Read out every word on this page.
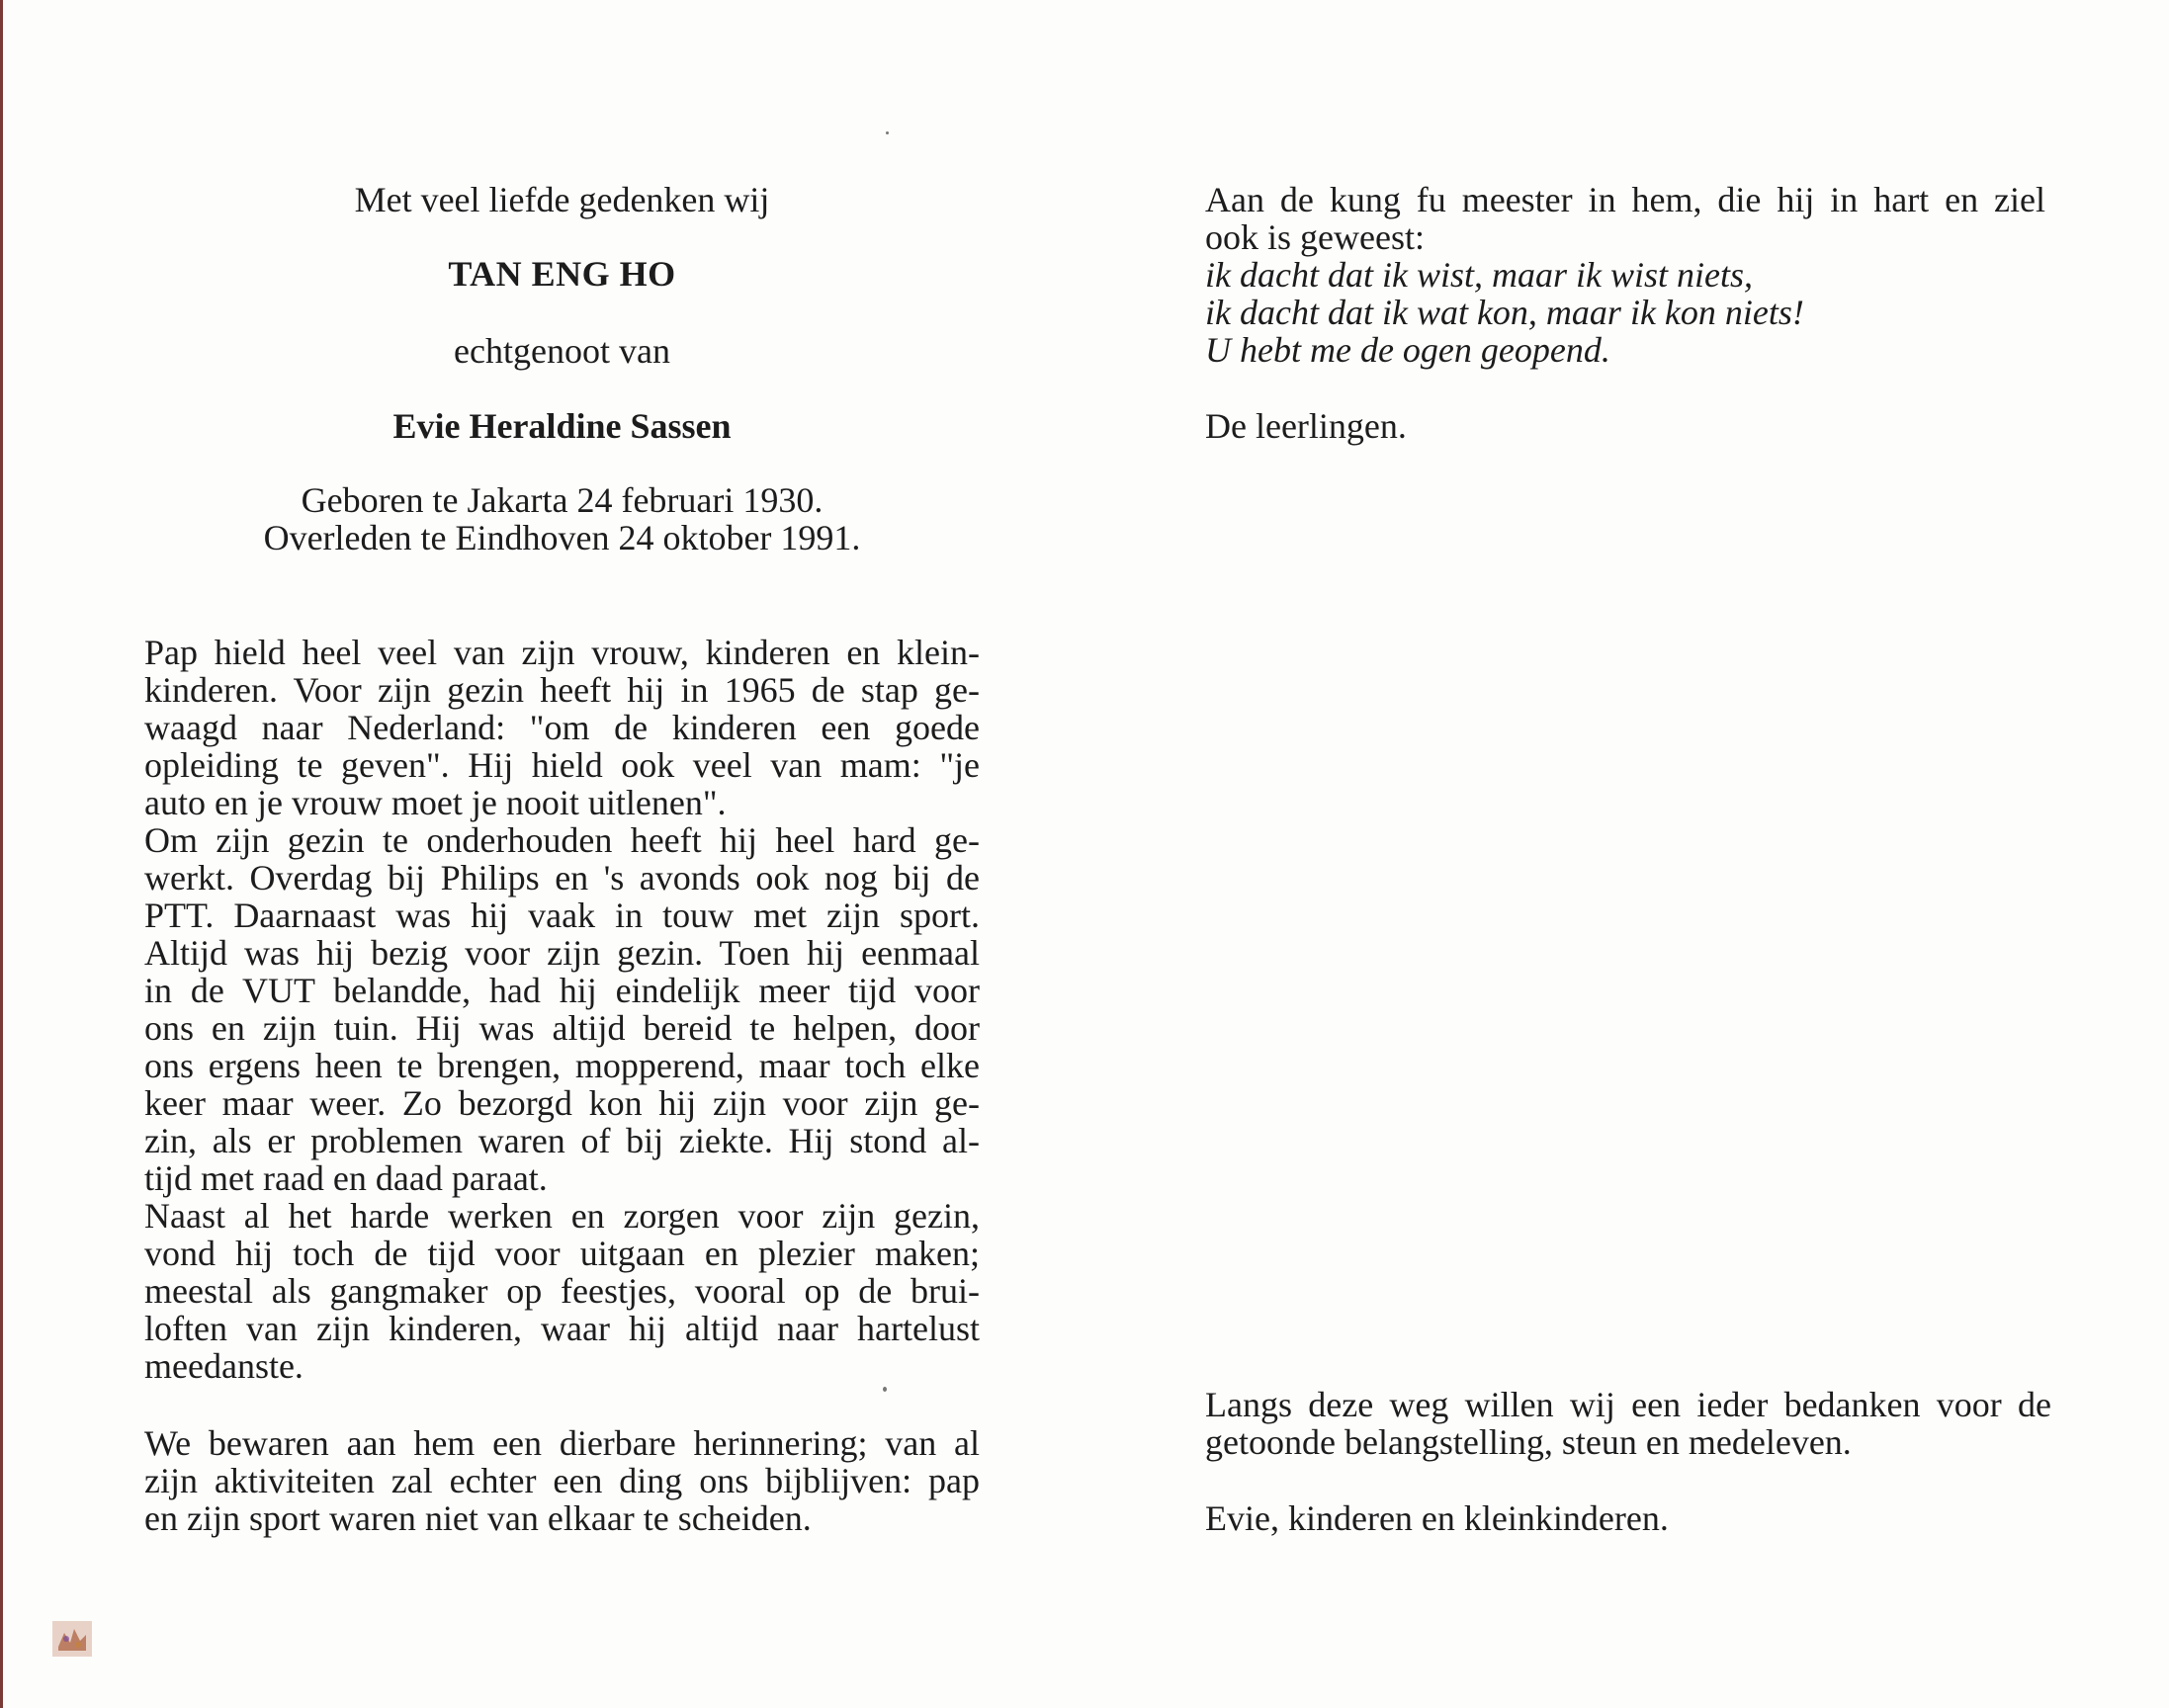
Met veel liefde gedenken wij
TAN ENG HO
echtgenoot van
Evie Heraldine Sassen
Geboren te Jakarta 24 februari 1930.
Overleden te Eindhoven 24 oktober 1991.
Pap hield heel veel van zijn vrouw, kinderen en klein-
kinderen. Voor zijn gezin heeft hij in 1965 de stap ge-
waagd naar Nederland: "om de kinderen een goede
opleiding te geven". Hij hield ook veel van mam: "je
auto en je vrouw moet je nooit uitlenen".
Om zijn gezin te onderhouden heeft hij heel hard ge-
werkt. Overdag bij Philips en 's avonds ook nog bij de
PTT. Daarnaast was hij vaak in touw met zijn sport.
Altijd was hij bezig voor zijn gezin. Toen hij eenmaal
in de VUT belandde, had hij eindelijk meer tijd voor
ons en zijn tuin. Hij was altijd bereid te helpen, door
ons ergens heen te brengen, mopperend, maar toch elke
keer maar weer. Zo bezorgd kon hij zijn voor zijn ge-
zin, als er problemen waren of bij ziekte. Hij stond al-
tijd met raad en daad paraat.
Naast al het harde werken en zorgen voor zijn gezin,
vond hij toch de tijd voor uitgaan en plezier maken;
meestal als gangmaker op feestjes, vooral op de brui-
loften van zijn kinderen, waar hij altijd naar hartelust
meedanste.
We bewaren aan hem een dierbare herinnering; van al
zijn aktiviteiten zal echter een ding ons bijblijven: pap
en zijn sport waren niet van elkaar te scheiden.
Aan de kung fu meester in hem, die hij in hart en ziel
ook is geweest:
ik dacht dat ik wist, maar ik wist niets,
ik dacht dat ik wat kon, maar ik kon niets!
U hebt me de ogen geopend.
De leerlingen.
Langs deze weg willen wij een ieder bedanken voor de
getoonde belangstelling, steun en medeleven.
Evie, kinderen en kleinkinderen.
